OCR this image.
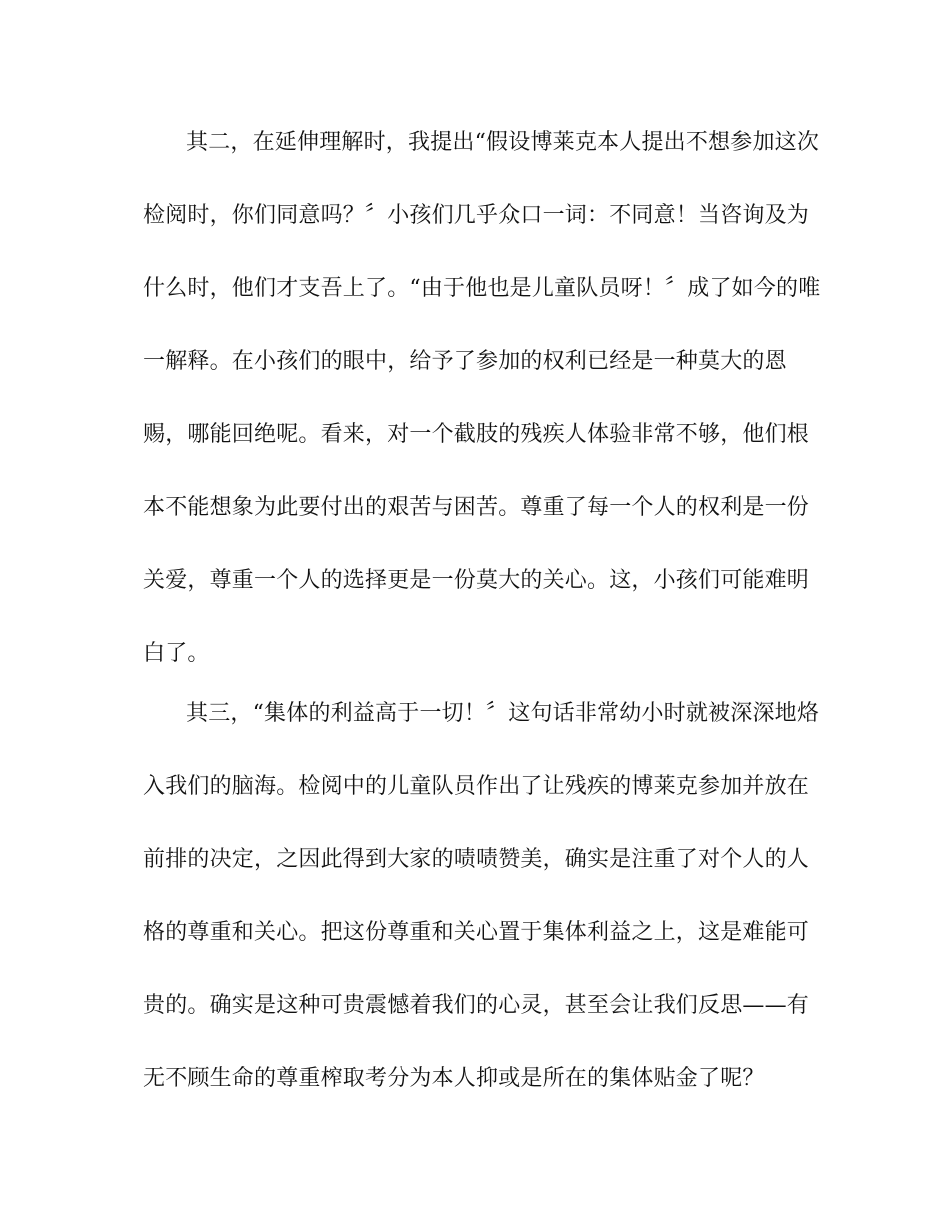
其二，在延伸理解时，我提出“假设博莱克本人提出不想参加这次
检阅时，你们同意吗？〞小孩们几乎众口一词：不同意！当咨询及为
什么时，他们才支吾上了。“由于他也是儿童队员呀！〞成了如今的唯
一解释。在小孩们的眼中，给予了参加的权利已经是一种莫大的恩
赐，哪能回绝呢。看来，对一个截肢的残疾人体验非常不够，他们根
本不能想象为此要付出的艰苦与困苦。尊重了每一个人的权利是一份
关爱，尊重一个人的选择更是一份莫大的关心。这，小孩们可能难明
白了。
其三，“集体的利益高于一切！〞这句话非常幼小时就被深深地烙
入我们的脑海。检阅中的儿童队员作出了让残疾的博莱克参加并放在
前排的决定，之因此得到大家的啧啧赞美，确实是注重了对个人的人
格的尊重和关心。把这份尊重和关心置于集体利益之上，这是难能可
贵的。确实是这种可贵震憾着我们的心灵，甚至会让我们反思——有
无不顾生命的尊重榨取考分为本人抑或是所在的集体贴金了呢？
